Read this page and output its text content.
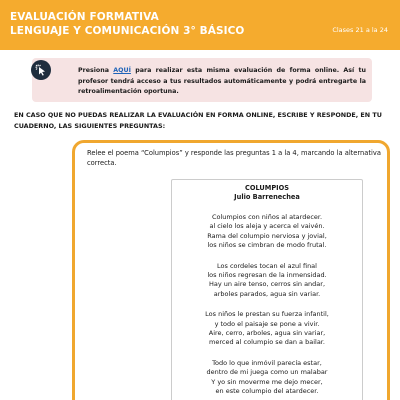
EVALUACIÓN FORMATIVA
LENGUAJE Y COMUNICACIÓN 3° BÁSICO	Clases 21 a la 24
Presiona AQUÍ para realizar esta misma evaluación de forma online. Así tu profesor tendrá acceso a tus resultados automáticamente y podrá entregarte la retroalimentación oportuna.
EN CASO QUE NO PUEDAS REALIZAR LA EVALUACIÓN EN FORMA ONLINE, ESCRIBE Y RESPONDE, EN TU CUADERNO, LAS SIGUIENTES PREGUNTAS:
Relee el poema “Columpios” y responde las preguntas 1 a la 4, marcando la alternativa correcta.
COLUMPIOS
Julio Barrenechea
Columpios con niños al atardecer.
al cielo los aleja y acerca el vaivén.
Rama del columpio nerviosa y jovial,
los niños se cimbran de modo frutal.
Los cordeles tocan el azul final
los niños regresan de la inmensidad.
Hay un aire tenso, cerros sin andar,
arboles parados, agua sin variar.
Los niños le prestan su fuerza infantil,
y todo el paisaje se pone a vivir.
Aire, cerro, arboles, agua sin variar,
merced al columpio se dan a bailar.
Todo lo que inmóvil parecía estar,
dentro de mi juega como un malabar
Y yo sin moverme me dejo mecer,
en este columpio del atardecer.
